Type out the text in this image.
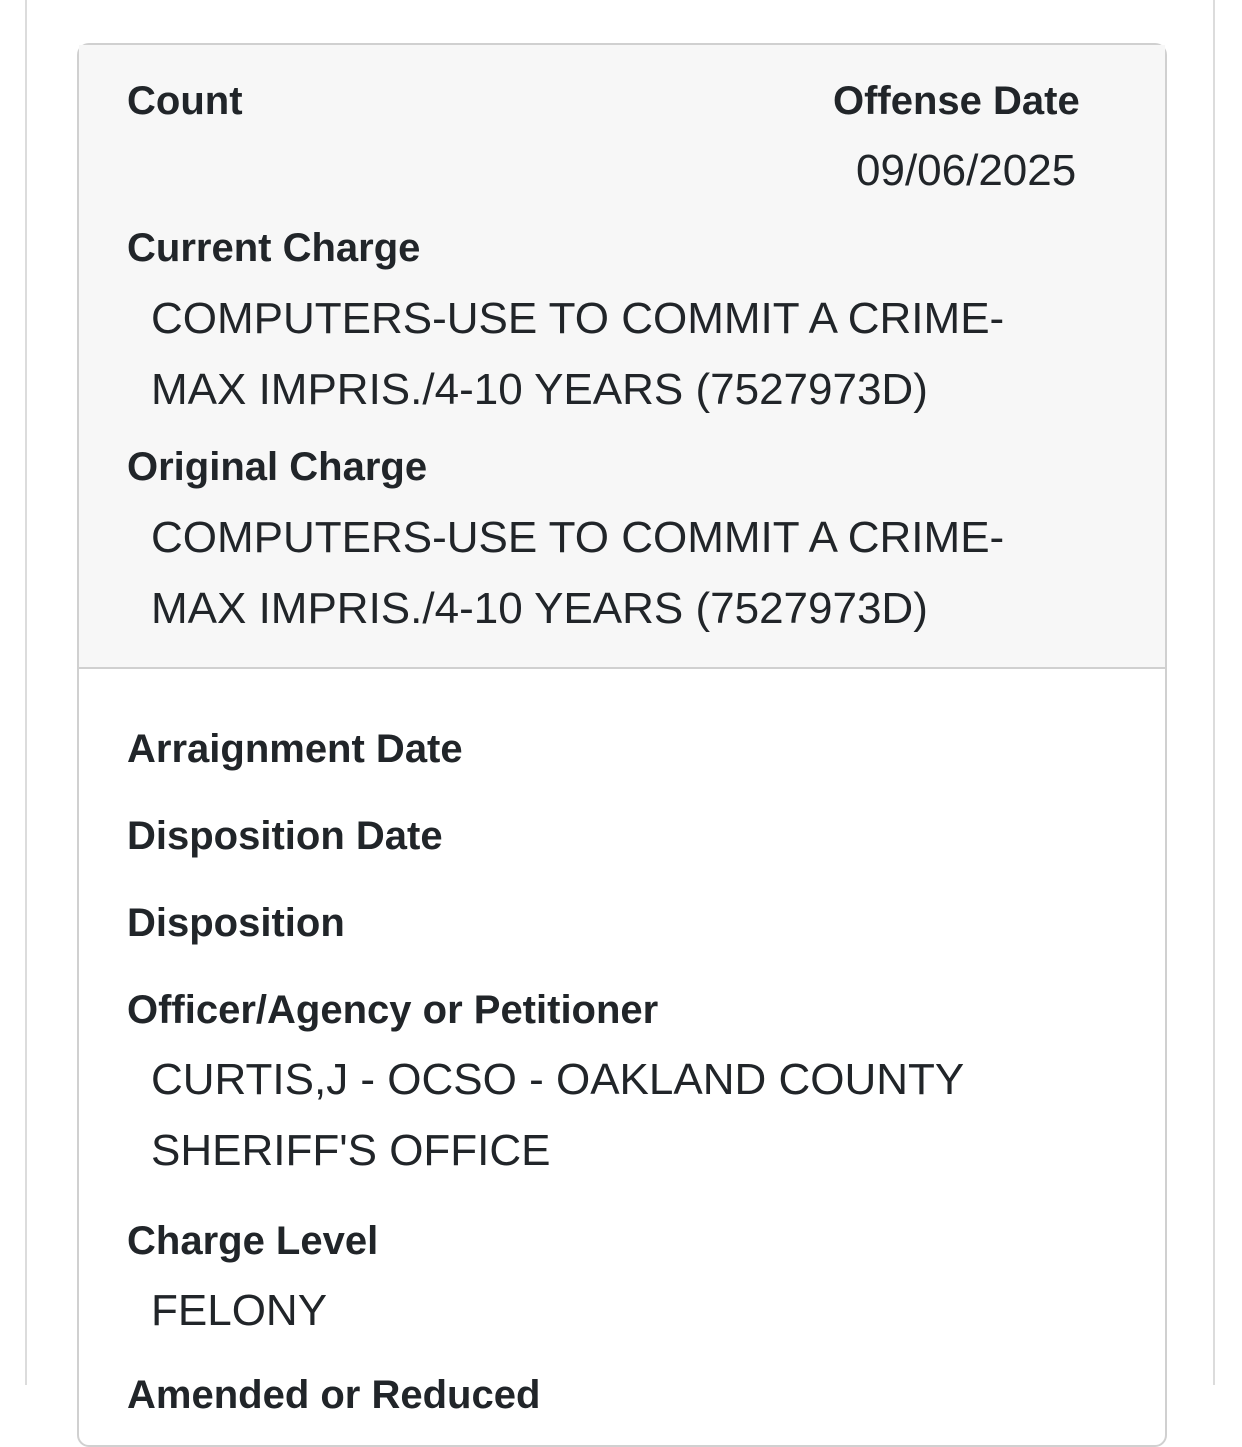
Count	Offense Date
09/06/2025
Current Charge
COMPUTERS-USE TO COMMIT A CRIME-
MAX IMPRIS./4-10 YEARS (7527973D)
Original Charge
COMPUTERS-USE TO COMMIT A CRIME-
MAX IMPRIS./4-10 YEARS (7527973D)
Arraignment Date
Disposition Date
Disposition
Officer/Agency or Petitioner
CURTIS,J - OCSO - OAKLAND COUNTY
SHERIFF'S OFFICE
Charge Level
FELONY
Amended or Reduced
